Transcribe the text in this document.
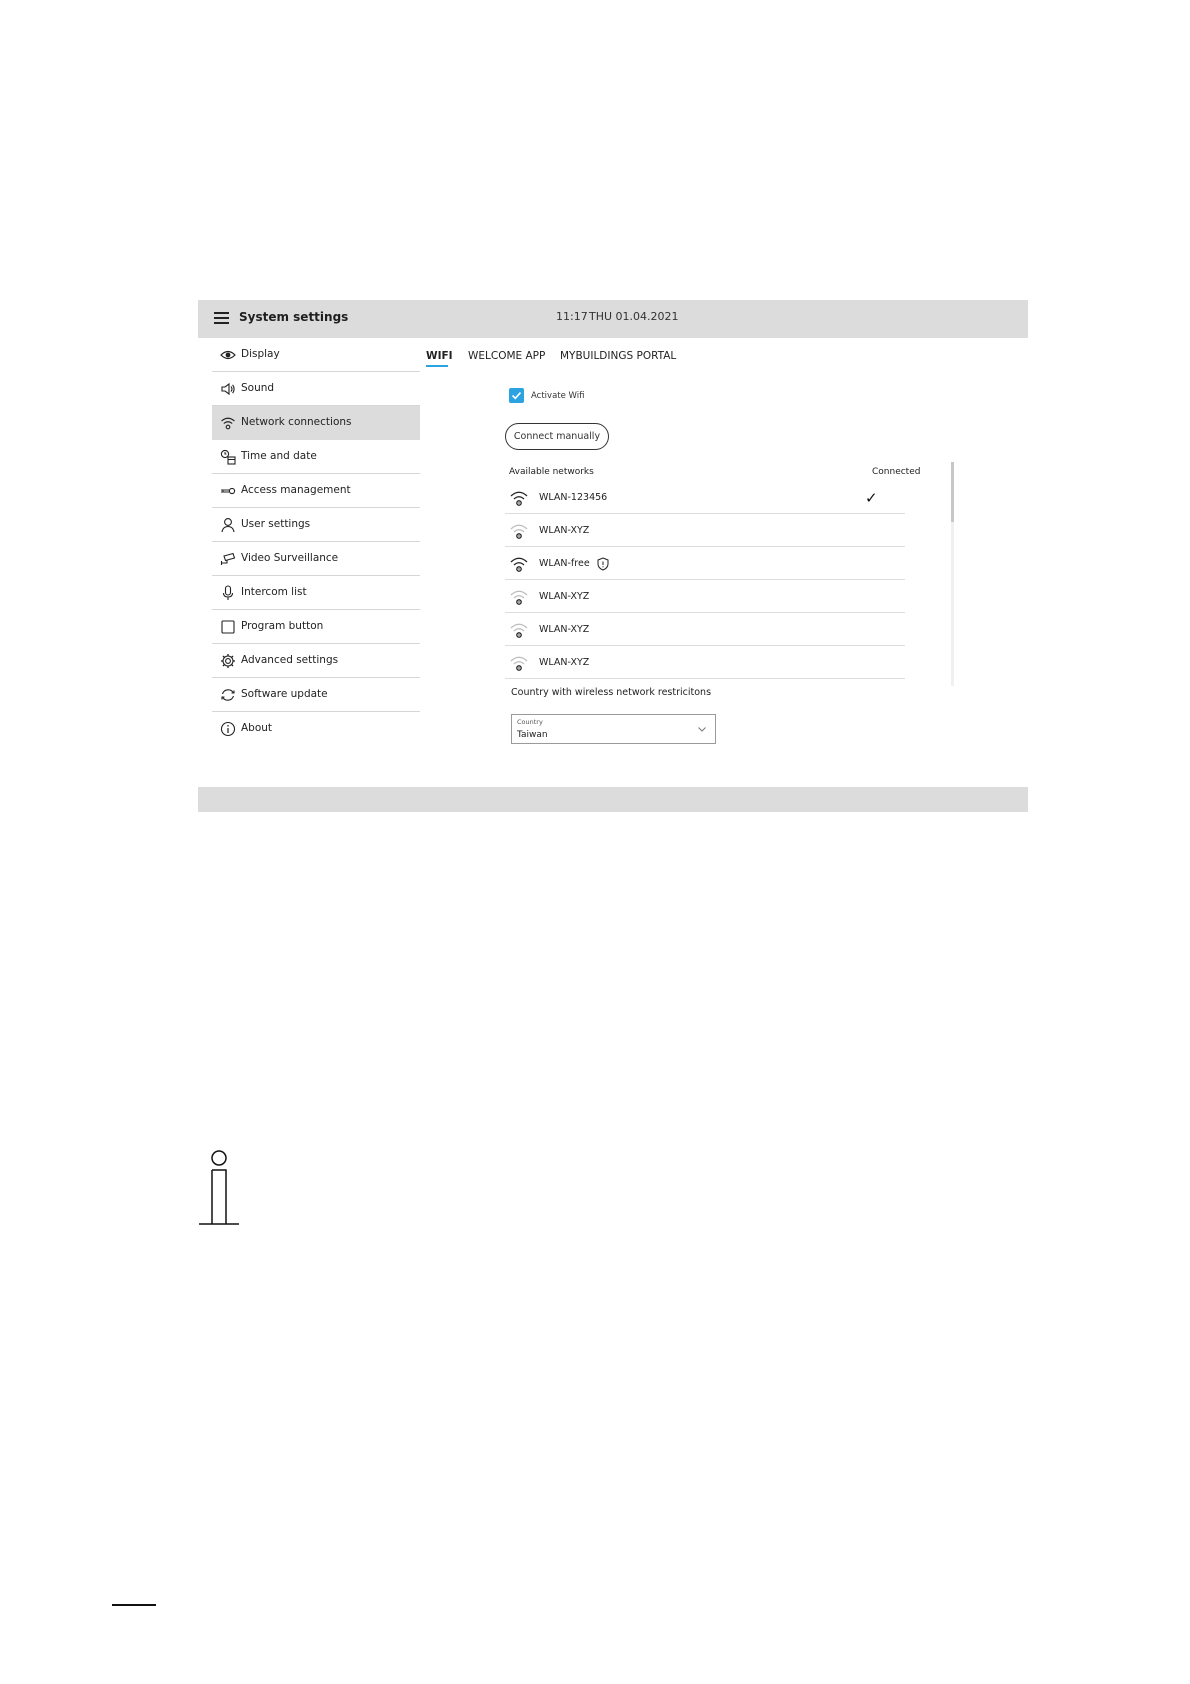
System settings	11:17 THU 01.04.2021
Display
Sound
Network connections
Time and date
Access management
User settings
Video Surveillance
Intercom list
Program button
Advanced settings
Software update
About
WIFI WELCOME APP MYBUILDINGS PORTAL
Activate Wifi
Connect manually
Available networks	Connected
WLAN-123456	✓
WLAN-XYZ
WLAN-free
WLAN-XYZ
WLAN-XYZ
WLAN-XYZ
Country with wireless network restricitons
Country
Taiwan
